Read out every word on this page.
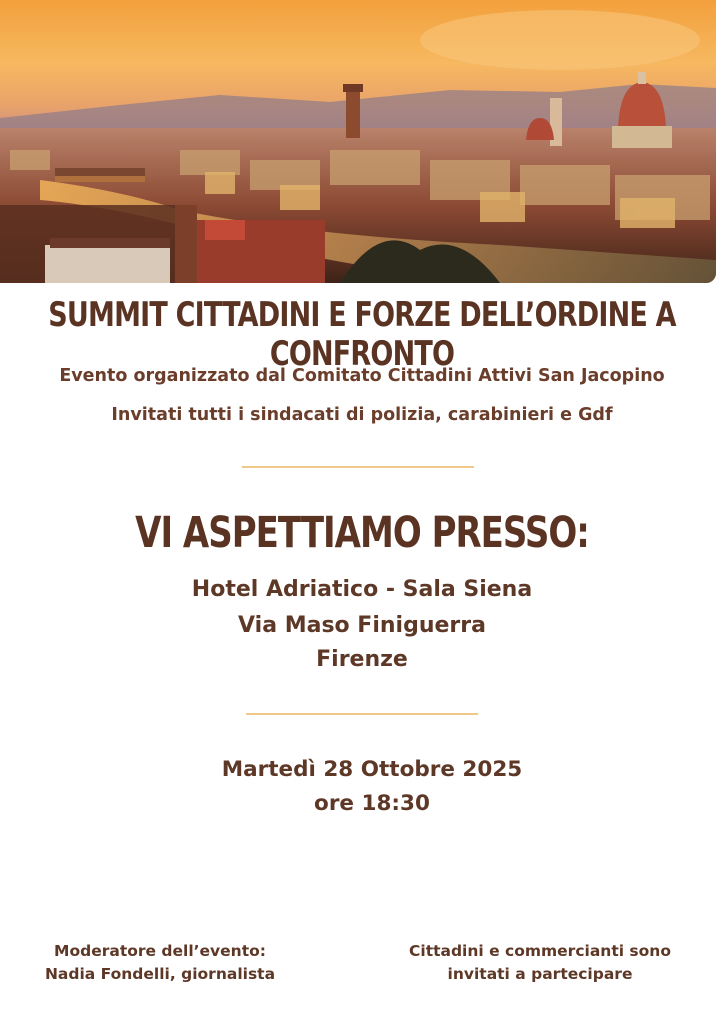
SUMMIT CITTADINI E FORZE DELL’ORDINE A CONFRONTO
Evento organizzato dal Comitato Cittadini Attivi San Jacopino
Invitati tutti i sindacati di polizia, carabinieri e Gdf
VI ASPETTIAMO PRESSO:
Hotel Adriatico - Sala Siena
Via Maso Finiguerra
Firenze
Martedì 28 Ottobre 2025
ore 18:30
Moderatore dell’evento:
Nadia Fondelli, giornalista
Cittadini e commercianti sono
invitati a partecipare
